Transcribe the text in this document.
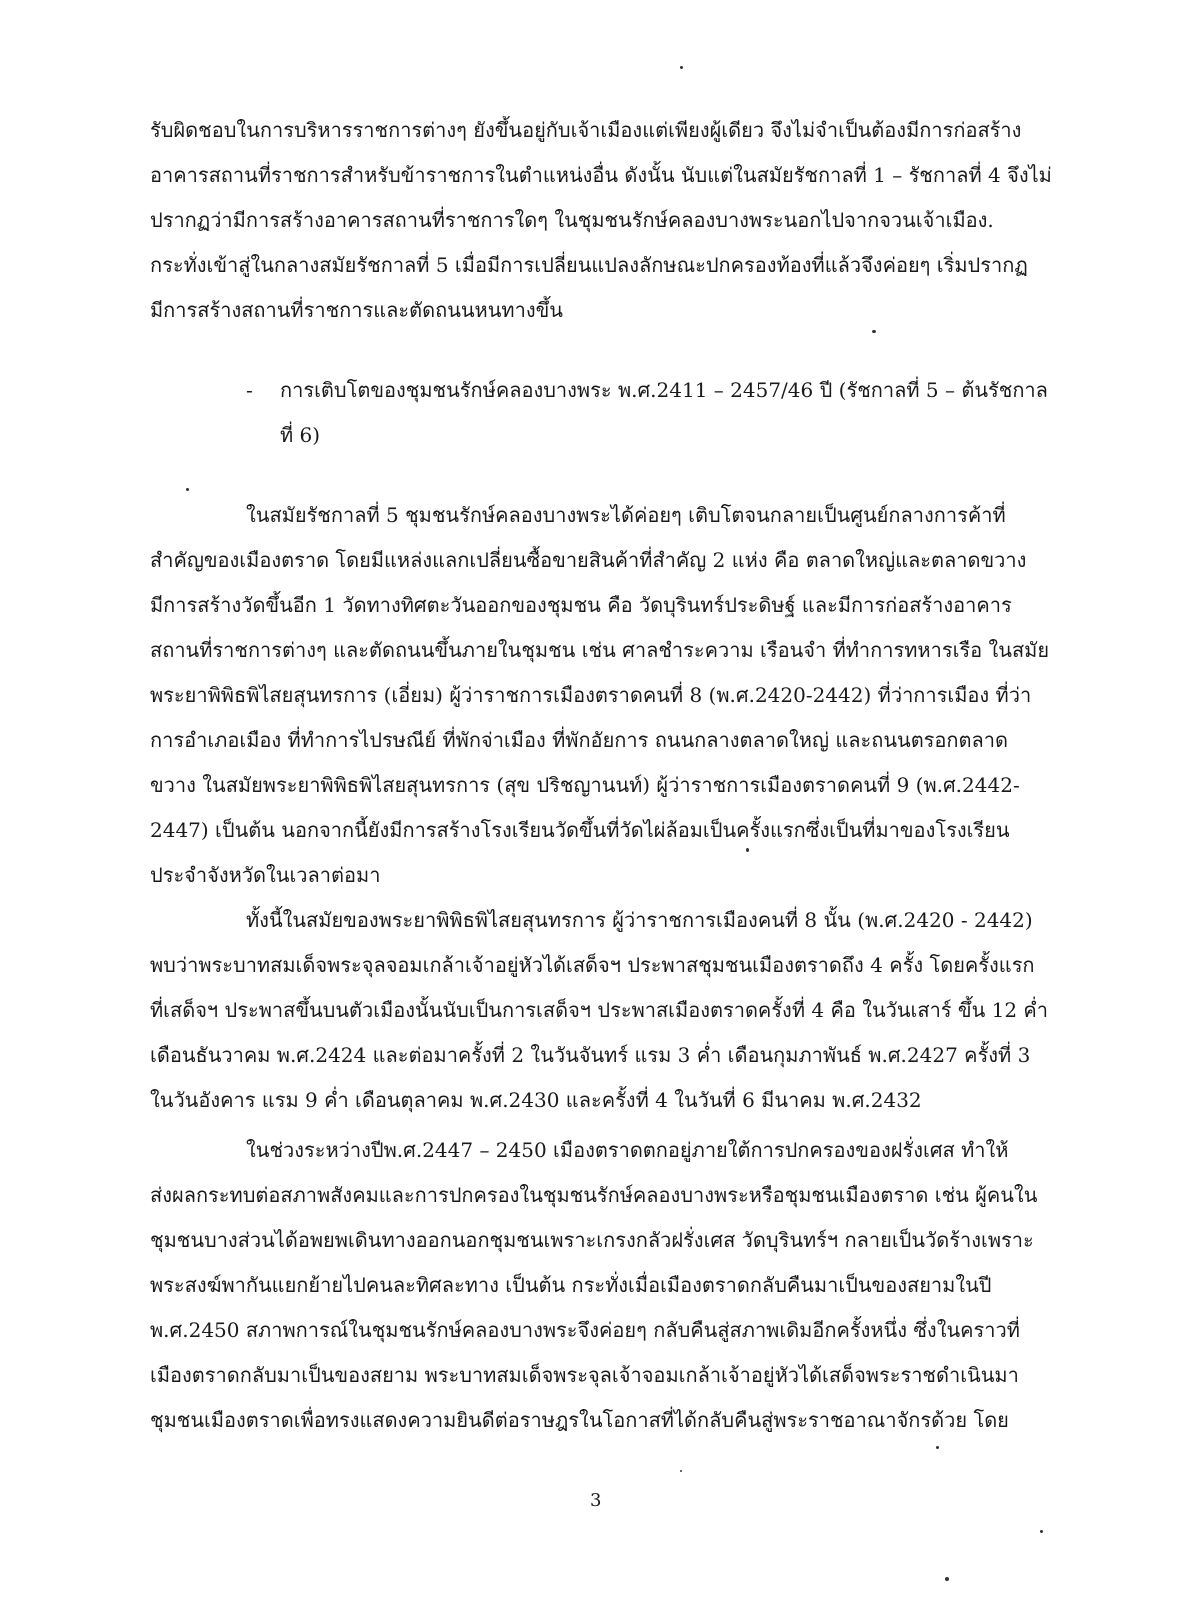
รับผิดชอบในการบริหารราชการต่างๆ ยังขึ้นอยู่กับเจ้าเมืองแต่เพียงผู้เดียว จึงไม่จำเป็นต้องมีการก่อสร้าง
อาคารสถานที่ราชการสำหรับข้าราชการในตำแหน่งอื่น ดังนั้น นับแต่ในสมัยรัชกาลที่ 1 – รัชกาลที่ 4 จึงไม่
ปรากฏว่ามีการสร้างอาคารสถานที่ราชการใดๆ ในชุมชนรักษ์คลองบางพระนอกไปจากจวนเจ้าเมือง.
กระทั่งเข้าสู่ในกลางสมัยรัชกาลที่ 5 เมื่อมีการเปลี่ยนแปลงลักษณะปกครองท้องที่แล้วจึงค่อยๆ เริ่มปรากฏ
มีการสร้างสถานที่ราชการและตัดถนนหนทางขึ้น
- การเติบโตของชุมชนรักษ์คลองบางพระ พ.ศ.2411 – 2457/46 ปี (รัชกาลที่ 5 – ต้นรัชกาล
ที่ 6)
ในสมัยรัชกาลที่ 5 ชุมชนรักษ์คลองบางพระได้ค่อยๆ เติบโตจนกลายเป็นศูนย์กลางการค้าที่
สำคัญของเมืองตราด โดยมีแหล่งแลกเปลี่ยนซื้อขายสินค้าที่สำคัญ 2 แห่ง คือ ตลาดใหญ่และตลาดขวาง
มีการสร้างวัดขึ้นอีก 1 วัดทางทิศตะวันออกของชุมชน คือ วัดบุรินทร์ประดิษฐ์ และมีการก่อสร้างอาคาร
สถานที่ราชการต่างๆ และตัดถนนขึ้นภายในชุมชน เช่น ศาลชำระความ เรือนจำ ที่ทำการทหารเรือ ในสมัย
พระยาพิพิธพิไสยสุนทรการ (เอี่ยม) ผู้ว่าราชการเมืองตราดคนที่ 8 (พ.ศ.2420-2442) ที่ว่าการเมือง ที่ว่า
การอำเภอเมือง ที่ทำการไปรษณีย์ ที่พักจ่าเมือง ที่พักอัยการ ถนนกลางตลาดใหญ่ และถนนตรอกตลาด
ขวาง ในสมัยพระยาพิพิธพิไสยสุนทรการ (สุข ปริชญานนท์) ผู้ว่าราชการเมืองตราดคนที่ 9 (พ.ศ.2442-
2447) เป็นต้น นอกจากนี้ยังมีการสร้างโรงเรียนวัดขึ้นที่วัดไผ่ล้อมเป็นครั้งแรกซึ่งเป็นที่มาของโรงเรียน
ประจำจังหวัดในเวลาต่อมา
ทั้งนี้ในสมัยของพระยาพิพิธพิไสยสุนทรการ ผู้ว่าราชการเมืองคนที่ 8 นั้น (พ.ศ.2420 - 2442)
พบว่าพระบาทสมเด็จพระจุลจอมเกล้าเจ้าอยู่หัวได้เสด็จฯ ประพาสชุมชนเมืองตราดถึง 4 ครั้ง โดยครั้งแรก
ที่เสด็จฯ ประพาสขึ้นบนตัวเมืองนั้นนับเป็นการเสด็จฯ ประพาสเมืองตราดครั้งที่ 4 คือ ในวันเสาร์ ขึ้น 12 ค่ำ
เดือนธันวาคม พ.ศ.2424 และต่อมาครั้งที่ 2 ในวันจันทร์ แรม 3 ค่ำ เดือนกุมภาพันธ์ พ.ศ.2427 ครั้งที่ 3
ในวันอังคาร แรม 9 ค่ำ เดือนตุลาคม พ.ศ.2430 และครั้งที่ 4 ในวันที่ 6 มีนาคม พ.ศ.2432
ในช่วงระหว่างปีพ.ศ.2447 – 2450 เมืองตราดตกอยู่ภายใต้การปกครองของฝรั่งเศส ทำให้
ส่งผลกระทบต่อสภาพสังคมและการปกครองในชุมชนรักษ์คลองบางพระหรือชุมชนเมืองตราด เช่น ผู้คนใน
ชุมชนบางส่วนได้อพยพเดินทางออกนอกชุมชนเพราะเกรงกลัวฝรั่งเศส วัดบุรินทร์ฯ กลายเป็นวัดร้างเพราะ
พระสงฆ์พากันแยกย้ายไปคนละทิศละทาง เป็นต้น กระทั่งเมื่อเมืองตราดกลับคืนมาเป็นของสยามในปี
พ.ศ.2450 สภาพการณ์ในชุมชนรักษ์คลองบางพระจึงค่อยๆ กลับคืนสู่สภาพเดิมอีกครั้งหนึ่ง ซึ่งในคราวที่
เมืองตราดกลับมาเป็นของสยาม พระบาทสมเด็จพระจุลเจ้าจอมเกล้าเจ้าอยู่หัวได้เสด็จพระราชดำเนินมา
ชุมชนเมืองตราดเพื่อทรงแสดงความยินดีต่อราษฎรในโอกาสที่ได้กลับคืนสู่พระราชอาณาจักรด้วย โดย
3
